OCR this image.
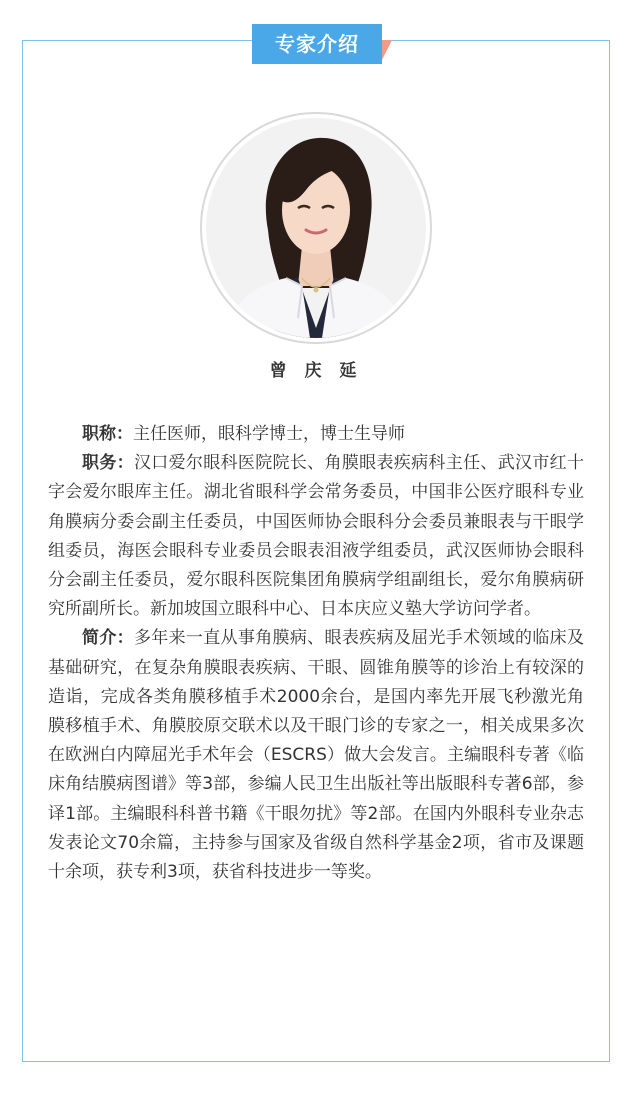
专家介绍
曾 庆 延

职称：主任医师，眼科学博士，博士生导师

职务：汉口爱尔眼科医院院长、角膜眼表疾病科主任、武汉市红十字会爱尔眼库主任。湖北省眼科学会常务委员，中国非公医疗眼科专业角膜病分委会副主任委员，中国医师协会眼科分会委员兼眼表与干眼学组委员，海医会眼科专业委员会眼表泪液学组委员，武汉医师协会眼科分会副主任委员，爱尔眼科医院集团角膜病学组副组长，爱尔角膜病研究所副所长。新加坡国立眼科中心、日本庆应义塾大学访问学者。

简介：多年来一直从事角膜病、眼表疾病及屈光手术领域的临床及基础研究，在复杂角膜眼表疾病、干眼、圆锥角膜等的诊治上有较深的造诣，完成各类角膜移植手术2000余台，是国内率先开展飞秒激光角膜移植手术、角膜胶原交联术以及干眼门诊的专家之一，相关成果多次在欧洲白内障屈光手术年会（ESCRS）做大会发言。主编眼科专著《临床角结膜病图谱》等3部，参编人民卫生出版社等出版眼科专著6部，参译1部。主编眼科科普书籍《干眼勿扰》等2部。在国内外眼科专业杂志发表论文70余篇，主持参与国家及省级自然科学基金2项，省市及课题十余项，获专利3项，获省科技进步一等奖。
